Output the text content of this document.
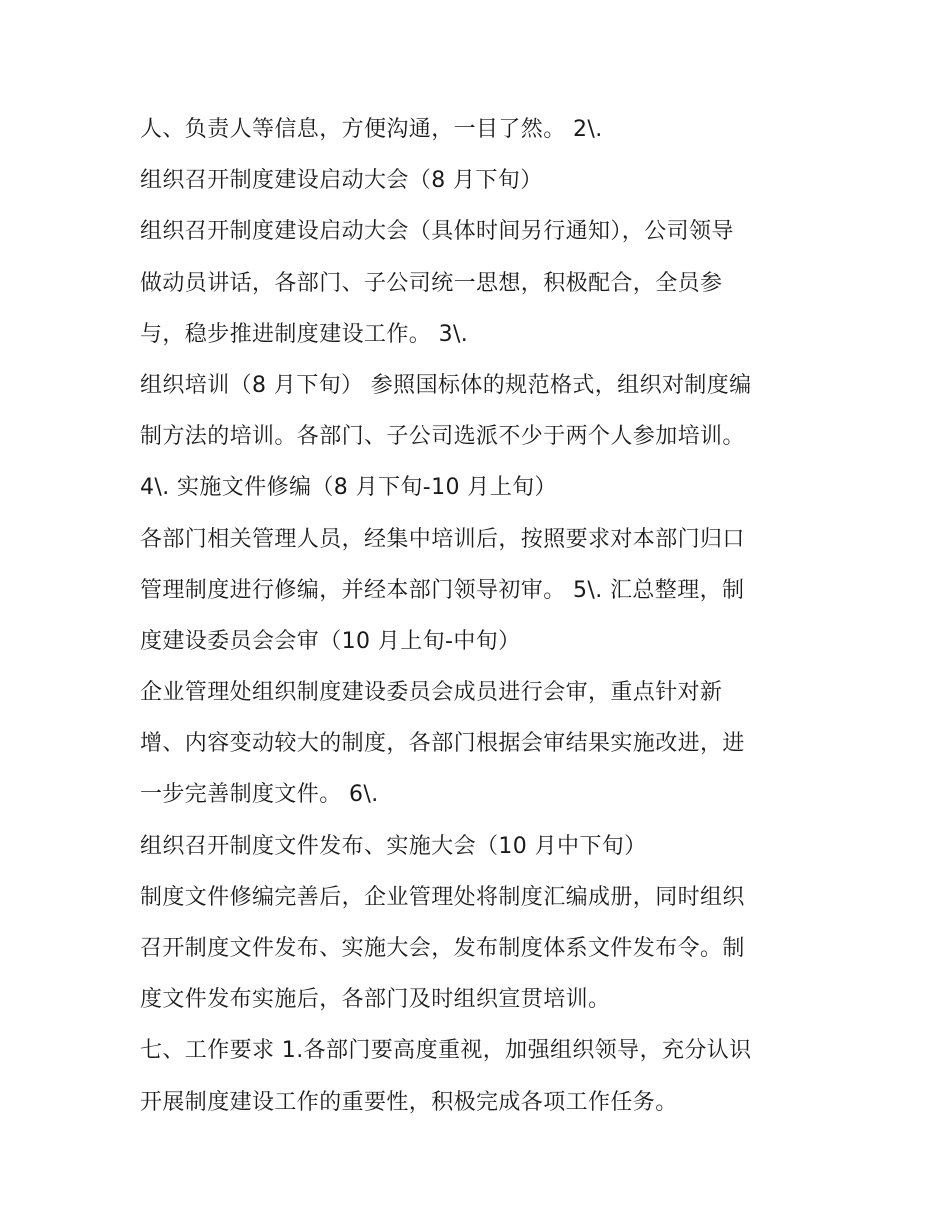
人、负责人等信息，方便沟通，一目了然。 2\.
组织召开制度建设启动大会（8 月下旬）
组织召开制度建设启动大会（具体时间另行通知），公司领导
做动员讲话，各部门、子公司统一思想，积极配合，全员参
与，稳步推进制度建设工作。 3\.
组织培训（8 月下旬） 参照国标体的规范格式，组织对制度编
制方法的培训。各部门、子公司选派不少于两个人参加培训。
4\. 实施文件修编（8 月下旬-10 月上旬）
各部门相关管理人员，经集中培训后，按照要求对本部门归口
管理制度进行修编，并经本部门领导初审。 5\. 汇总整理，制
度建设委员会会审（10 月上旬-中旬）
企业管理处组织制度建设委员会成员进行会审，重点针对新
增、内容变动较大的制度，各部门根据会审结果实施改进，进
一步完善制度文件。 6\.
组织召开制度文件发布、实施大会（10 月中下旬）
制度文件修编完善后，企业管理处将制度汇编成册，同时组织
召开制度文件发布、实施大会，发布制度体系文件发布令。制
度文件发布实施后，各部门及时组织宣贯培训。
七、工作要求 1.各部门要高度重视，加强组织领导，充分认识
开展制度建设工作的重要性，积极完成各项工作任务。
